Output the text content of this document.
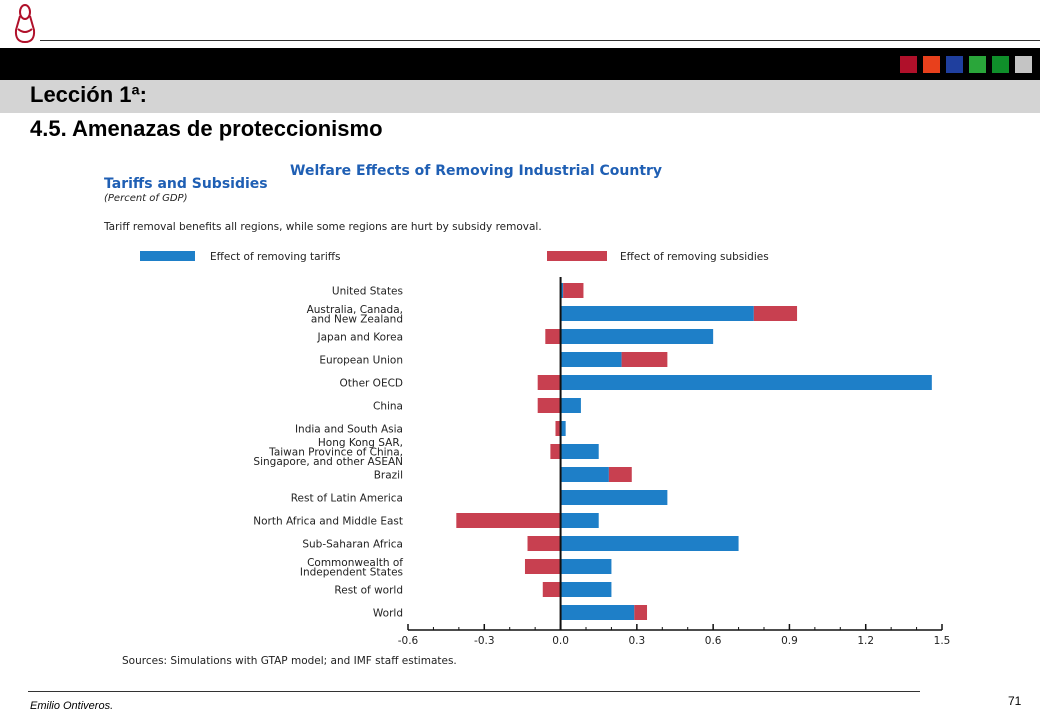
Lección 1ª:
4.5. Amenazas de proteccionismo
Welfare Effects of Removing Industrial Country
Tariffs and Subsidies
(Percent of GDP)
Tariff removal benefits all regions, while some regions are hurt by subsidy removal.
Effect of removing tariffs	Effect of removing subsidies
United States
Australia, Canada,
and New Zealand
Japan and Korea
European Union
Other OECD
China
India and South Asia
Hong Kong SAR,
Taiwan Province of China,
Singapore, and other ASEAN
Brazil
Rest of Latin America
North Africa and Middle East
Sub-Saharan Africa
Commonwealth of
Independent States
Rest of world
World
-0.6	-0.3	0.0	0.3	0.6	0.9	1.2	1.5
Sources: Simulations with GTAP model; and IMF staff estimates.
Emilio Ontiveros.	71
